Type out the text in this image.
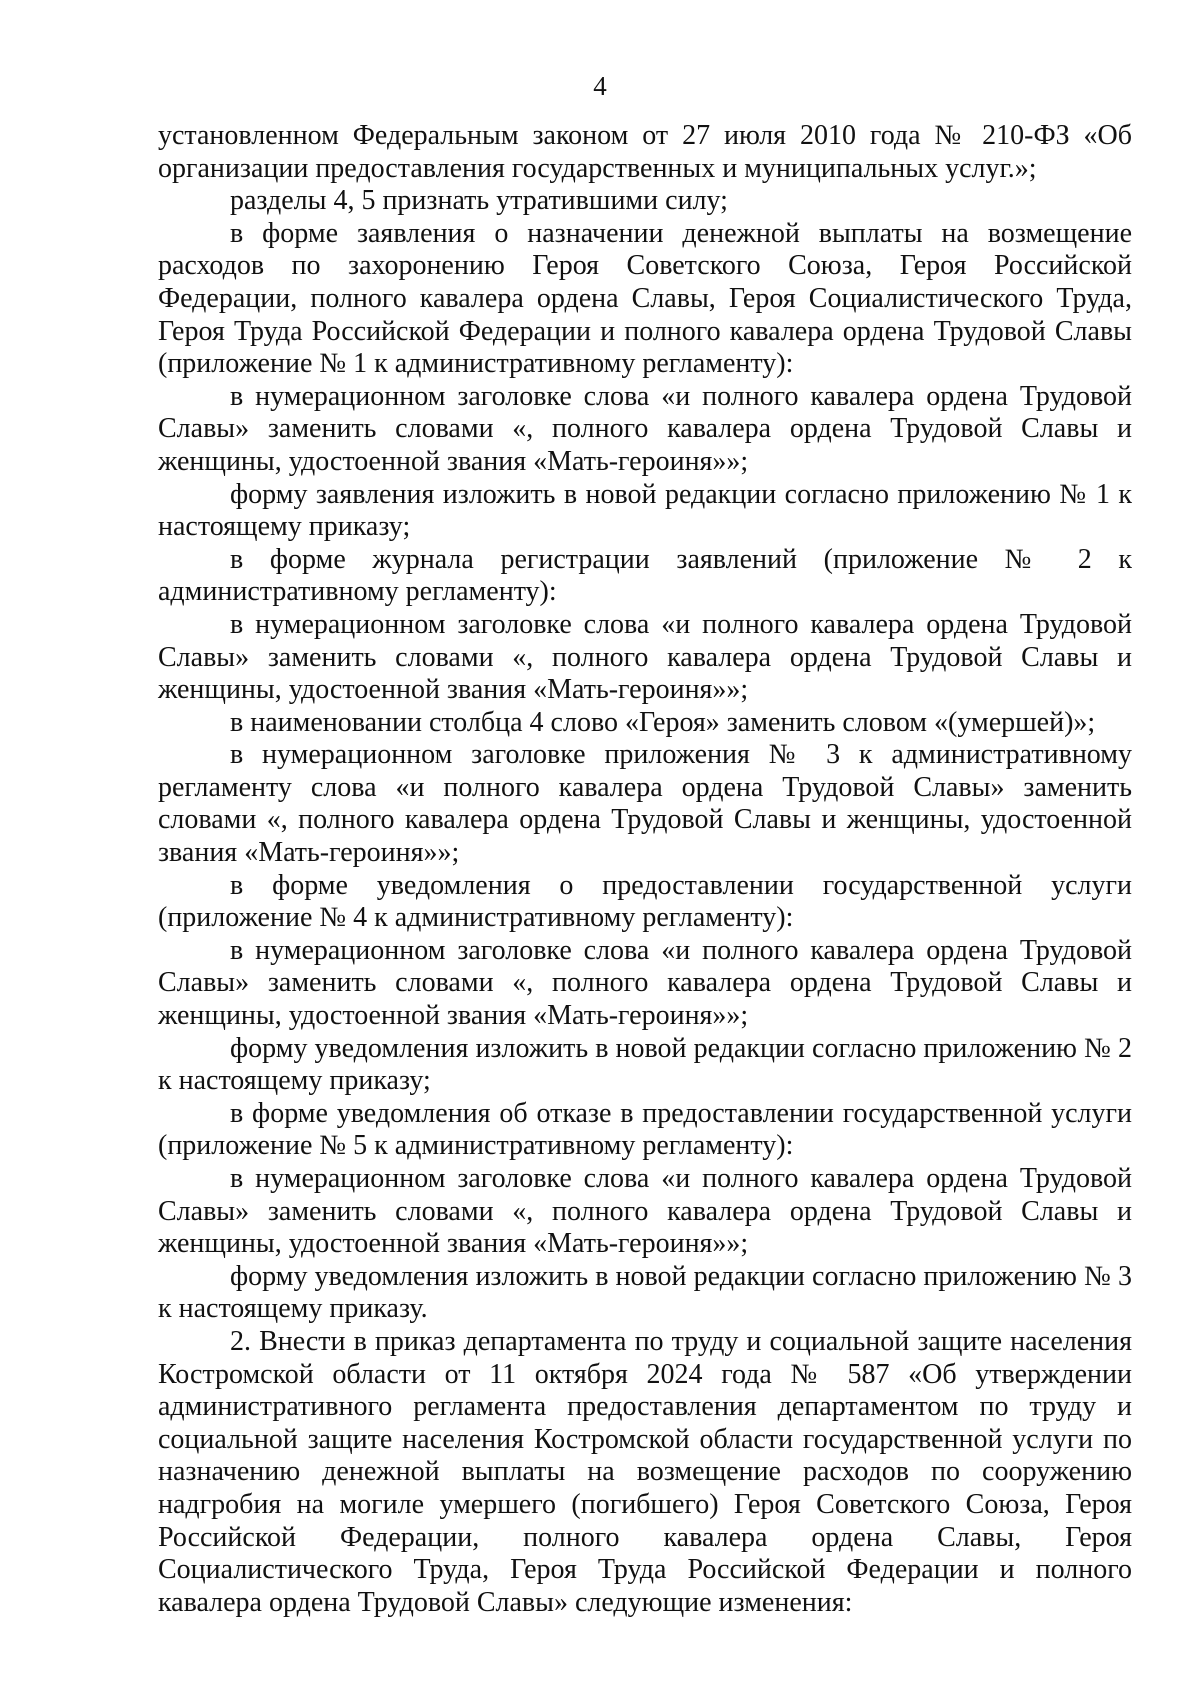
4

установленном Федеральным законом от 27 июля 2010 года № 210-ФЗ «Об организации предоставления государственных и муниципальных услуг.»;

разделы 4, 5 признать утратившими силу;

в форме заявления о назначении денежной выплаты на возмещение расходов по захоронению Героя Советского Союза, Героя Российской Федерации, полного кавалера ордена Славы, Героя Социалистического Труда, Героя Труда Российской Федерации и полного кавалера ордена Трудовой Славы (приложение № 1 к административному регламенту):

в нумерационном заголовке слова «и полного кавалера ордена Трудовой Славы» заменить словами «, полного кавалера ордена Трудовой Славы и женщины, удостоенной звания «Мать-героиня»»;

форму заявления изложить в новой редакции согласно приложению № 1 к настоящему приказу;

в форме журнала регистрации заявлений (приложение № 2 к административному регламенту):

в нумерационном заголовке слова «и полного кавалера ордена Трудовой Славы» заменить словами «, полного кавалера ордена Трудовой Славы и женщины, удостоенной звания «Мать-героиня»»;

в наименовании столбца 4 слово «Героя» заменить словом «(умершей)»;

в нумерационном заголовке приложения № 3 к административному регламенту слова «и полного кавалера ордена Трудовой Славы» заменить словами «, полного кавалера ордена Трудовой Славы и женщины, удостоенной звания «Мать-героиня»»;

в форме уведомления о предоставлении государственной услуги (приложение № 4 к административному регламенту):

в нумерационном заголовке слова «и полного кавалера ордена Трудовой Славы» заменить словами «, полного кавалера ордена Трудовой Славы и женщины, удостоенной звания «Мать-героиня»»;

форму уведомления изложить в новой редакции согласно приложению № 2 к настоящему приказу;

в форме уведомления об отказе в предоставлении государственной услуги (приложение № 5 к административному регламенту):

в нумерационном заголовке слова «и полного кавалера ордена Трудовой Славы» заменить словами «, полного кавалера ордена Трудовой Славы и женщины, удостоенной звания «Мать-героиня»»;

форму уведомления изложить в новой редакции согласно приложению № 3 к настоящему приказу.

2. Внести в приказ департамента по труду и социальной защите населения Костромской области от 11 октября 2024 года № 587 «Об утверждении административного регламента предоставления департаментом по труду и социальной защите населения Костромской области государственной услуги по назначению денежной выплаты на возмещение расходов по сооружению надгробия на могиле умершего (погибшего) Героя Советского Союза, Героя Российской Федерации, полного кавалера ордена Славы, Героя Социалистического Труда, Героя Труда Российской Федерации и полного кавалера ордена Трудовой Славы» следующие изменения:
